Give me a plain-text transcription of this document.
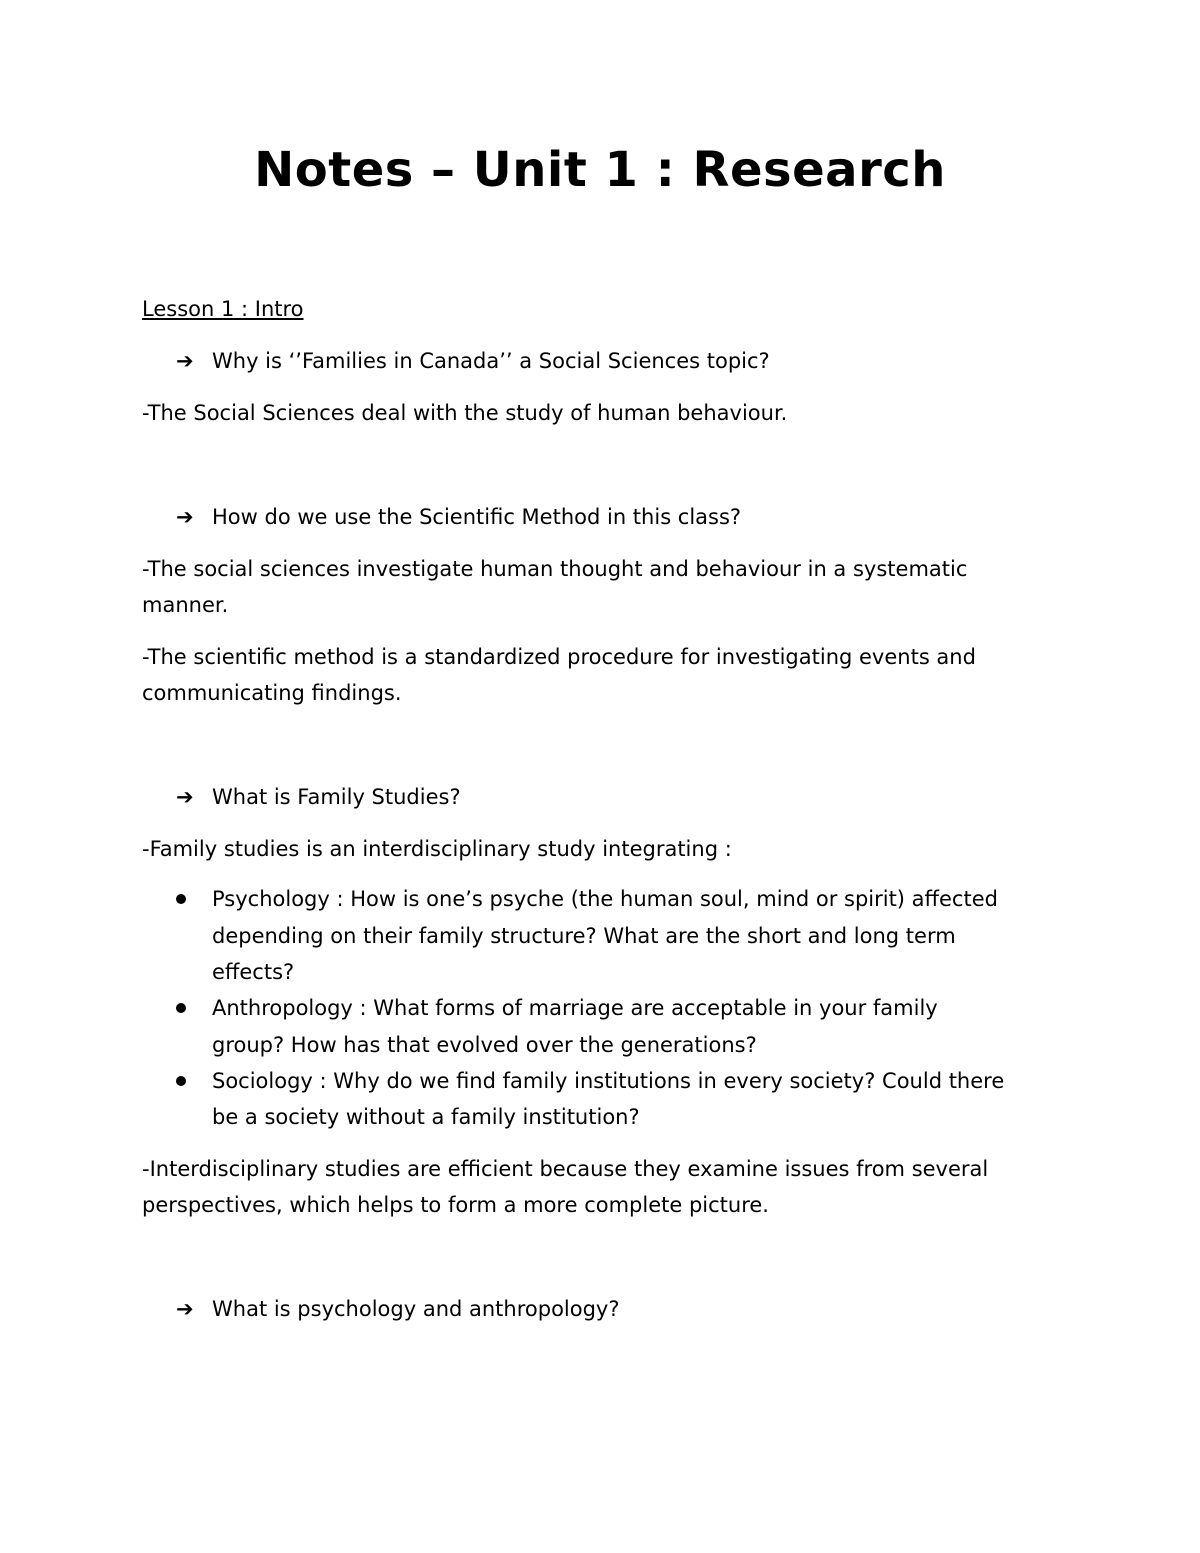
Notes – Unit 1 : Research

Lesson 1 : Intro

➔ Why is ‘’Families in Canada’’ a Social Sciences topic?

-The Social Sciences deal with the study of human behaviour.

➔ How do we use the Scientific Method in this class?

-The social sciences investigate human thought and behaviour in a systematic

manner.

-The scientific method is a standardized procedure for investigating events and

communicating findings.

➔ What is Family Studies?

-Family studies is an interdisciplinary study integrating :

Psychology : How is one’s psyche (the human soul, mind or spirit) affected

depending on their family structure? What are the short and long term

effects?

Anthropology : What forms of marriage are acceptable in your family

group? How has that evolved over the generations?

Sociology : Why do we find family institutions in every society? Could there

be a society without a family institution?

-Interdisciplinary studies are efficient because they examine issues from several

perspectives, which helps to form a more complete picture.

➔ What is psychology and anthropology?
